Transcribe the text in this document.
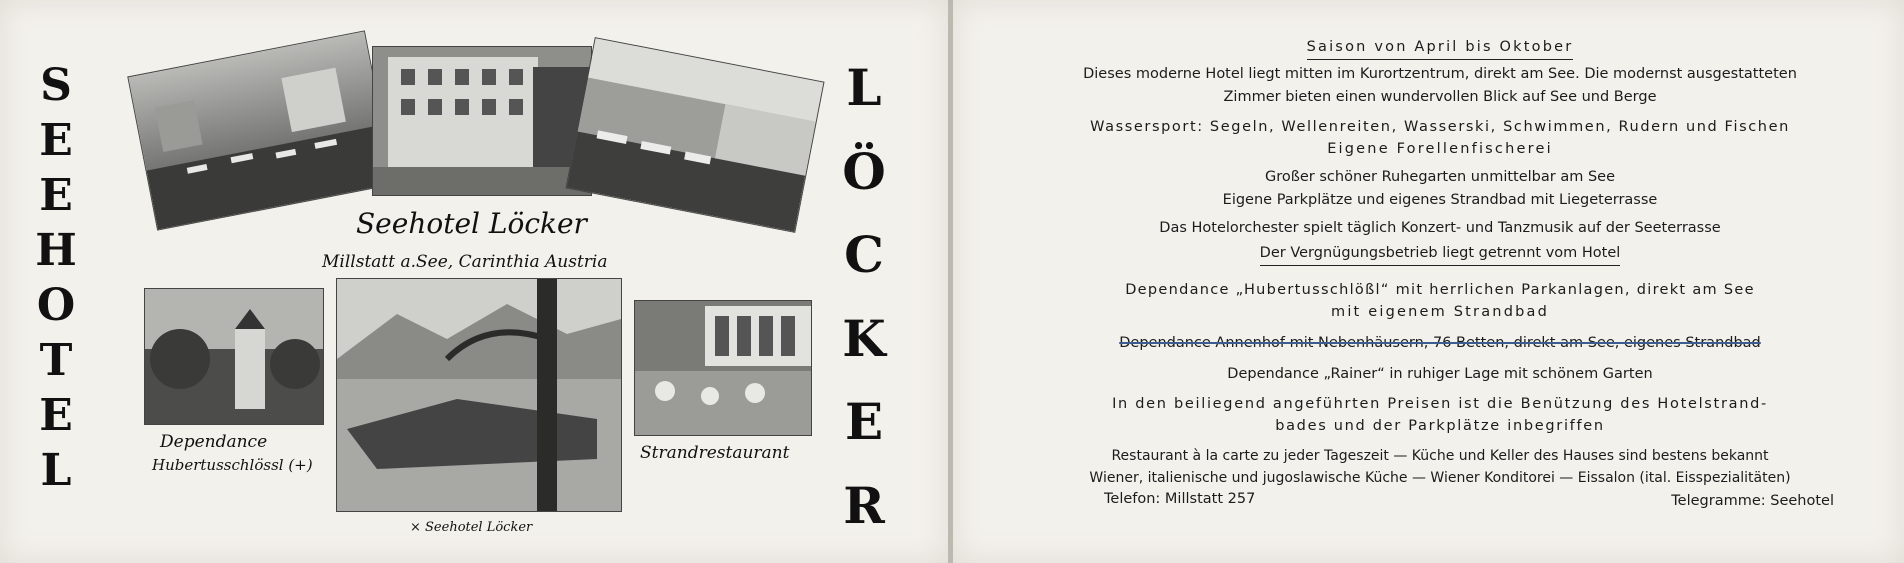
S
E
E
H
O
T
E
L
L
Ö
C
K
E
R
Seehotel Löcker
Millstatt a.See, Carinthia Austria
Dependance
Hubertusschlössl (+)
× Seehotel Löcker
Strandrestaurant
Saison von April bis Oktober
Dieses moderne Hotel liegt mitten im Kurortzentrum, direkt am See. Die modernst ausgestatteten
Zimmer bieten einen wundervollen Blick auf See und Berge
Wassersport: Segeln, Wellenreiten, Wasserski, Schwimmen, Rudern und Fischen
Eigene Forellenfischerei
Großer schöner Ruhegarten unmittelbar am See
Eigene Parkplätze und eigenes Strandbad mit Liegeterrasse
Das Hotelorchester spielt täglich Konzert- und Tanzmusik auf der Seeterrasse
Der Vergnügungsbetrieb liegt getrennt vom Hotel
Dependance „Hubertusschlößl“ mit herrlichen Parkanlagen, direkt am See
mit eigenem Strandbad
Dependance Annenhof mit Nebenhäusern, 76 Betten, direkt am See, eigenes Strandbad
Dependance „Rainer“ in ruhiger Lage mit schönem Garten
In den beiliegend angeführten Preisen ist die Benützung des Hotelstrand-
bades und der Parkplätze inbegriffen
Restaurant à la carte zu jeder Tageszeit — Küche und Keller des Hauses sind bestens bekannt
Wiener, italienische und jugoslawische Küche — Wiener Konditorei — Eissalon (ital. Eisspezialitäten)
Telefon: Millstatt 257	Telegramme: Seehotel
